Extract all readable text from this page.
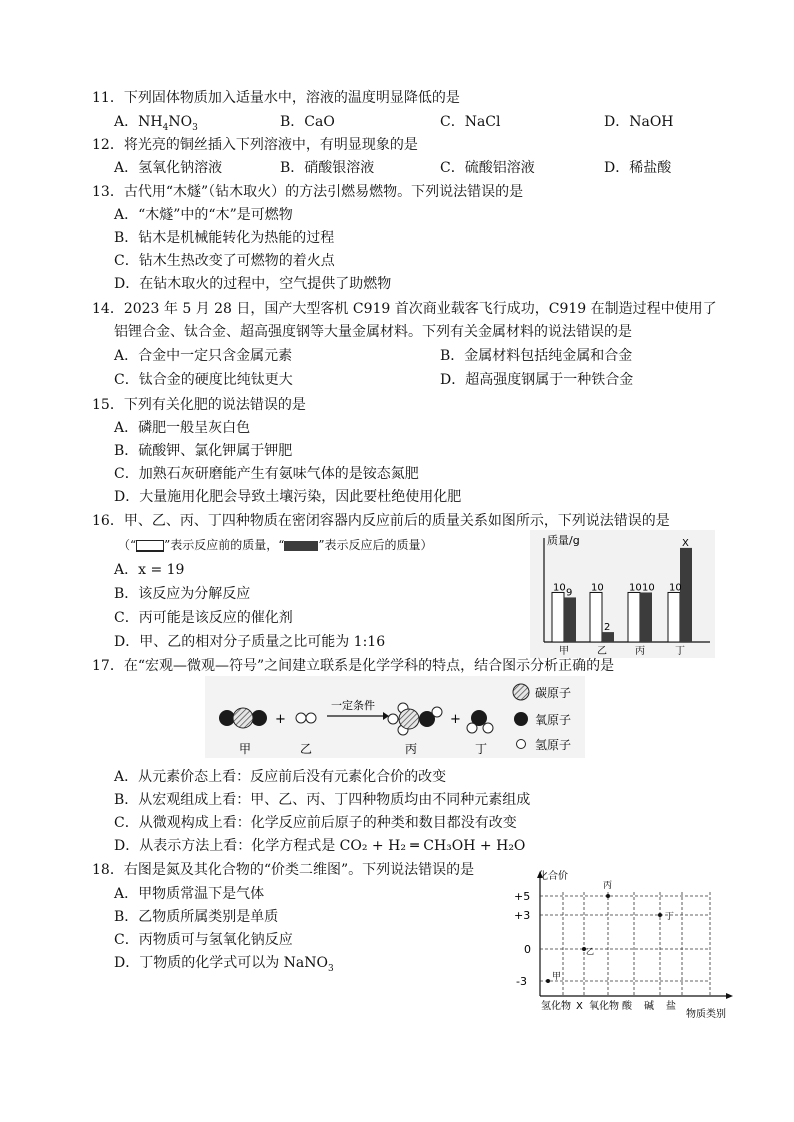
11．下列固体物质加入适量水中，溶液的温度明显降低的是
A．$NH_4NO_3$	B．CaO	C．NaCl	D．NaOH
12．将光亮的铜丝插入下列溶液中，有明显现象的是
A．氢氧化钠溶液	B．硝酸银溶液	C．硫酸铝溶液	D．稀盐酸
13．古代用“木燧”（钻木取火）的方法引燃易燃物。下列说法错误的是
A．“木燧”中的“木”是可燃物
B．钻木是机械能转化为热能的过程
C．钻木生热改变了可燃物的着火点
D．在钻木取火的过程中，空气提供了助燃物
14．2023 年 5 月 28 日，国产大型客机 C919 首次商业载客飞行成功，C919 在制造过程中使用了
铝锂合金、钛合金、超高强度钢等大量金属材料。下列有关金属材料的说法错误的是
A．合金中一定只含金属元素	B．金属材料包括纯金属和合金
C．钛合金的硬度比纯钛更大	D．超高强度钢属于一种铁合金
15．下列有关化肥的说法错误的是
A．磷肥一般呈灰白色
B．硫酸钾、氯化钾属于钾肥
C．加熟石灰研磨能产生有氨味气体的是铵态氮肥
D．大量施用化肥会导致土壤污染，因此要杜绝使用化肥
16．甲、乙、丙、丁四种物质在密闭容器内反应前后的质量关系如图所示，下列说法错误的是
（“ ”表示反应前的质量，“	”表示反应后的质量）
A．x = 19
B．该反应为分解反应
C．丙可能是该反应的催化剂
D．甲、乙的相对分子质量之比可能为 1:16
质量/g
10 9
甲
10
2
乙
10 10
丙
10
X
丁
17．在“宏观—微观—符号”之间建立联系是化学学科的特点，结合图示分析正确的是
+
一定条件
+
甲	乙	丙	丁
碳原子
氧原子
氢原子
A．从元素价态上看：反应前后没有元素化合价的改变
B．从宏观组成上看：甲、乙、丙、丁四种物质均由不同种元素组成
C．从微观构成上看：化学反应前后原子的种类和数目都没有改变
D．从表示方法上看：化学方程式是 CO₂ + H₂ ═ CH₃OH + H₂O
18．右图是氮及其化合物的“价类二维图”。下列说法错误的是
A．甲物质常温下是气体
B．乙物质所属类别是单质
C．丙物质可与氢氧化钠反应
D．丁物质的化学式可以为 NaNO$_3$
化合价
+5
+3
0
-3
丙
丁
乙
甲
氢化物 X 氧化物 酸 碱 盐
物质类别
